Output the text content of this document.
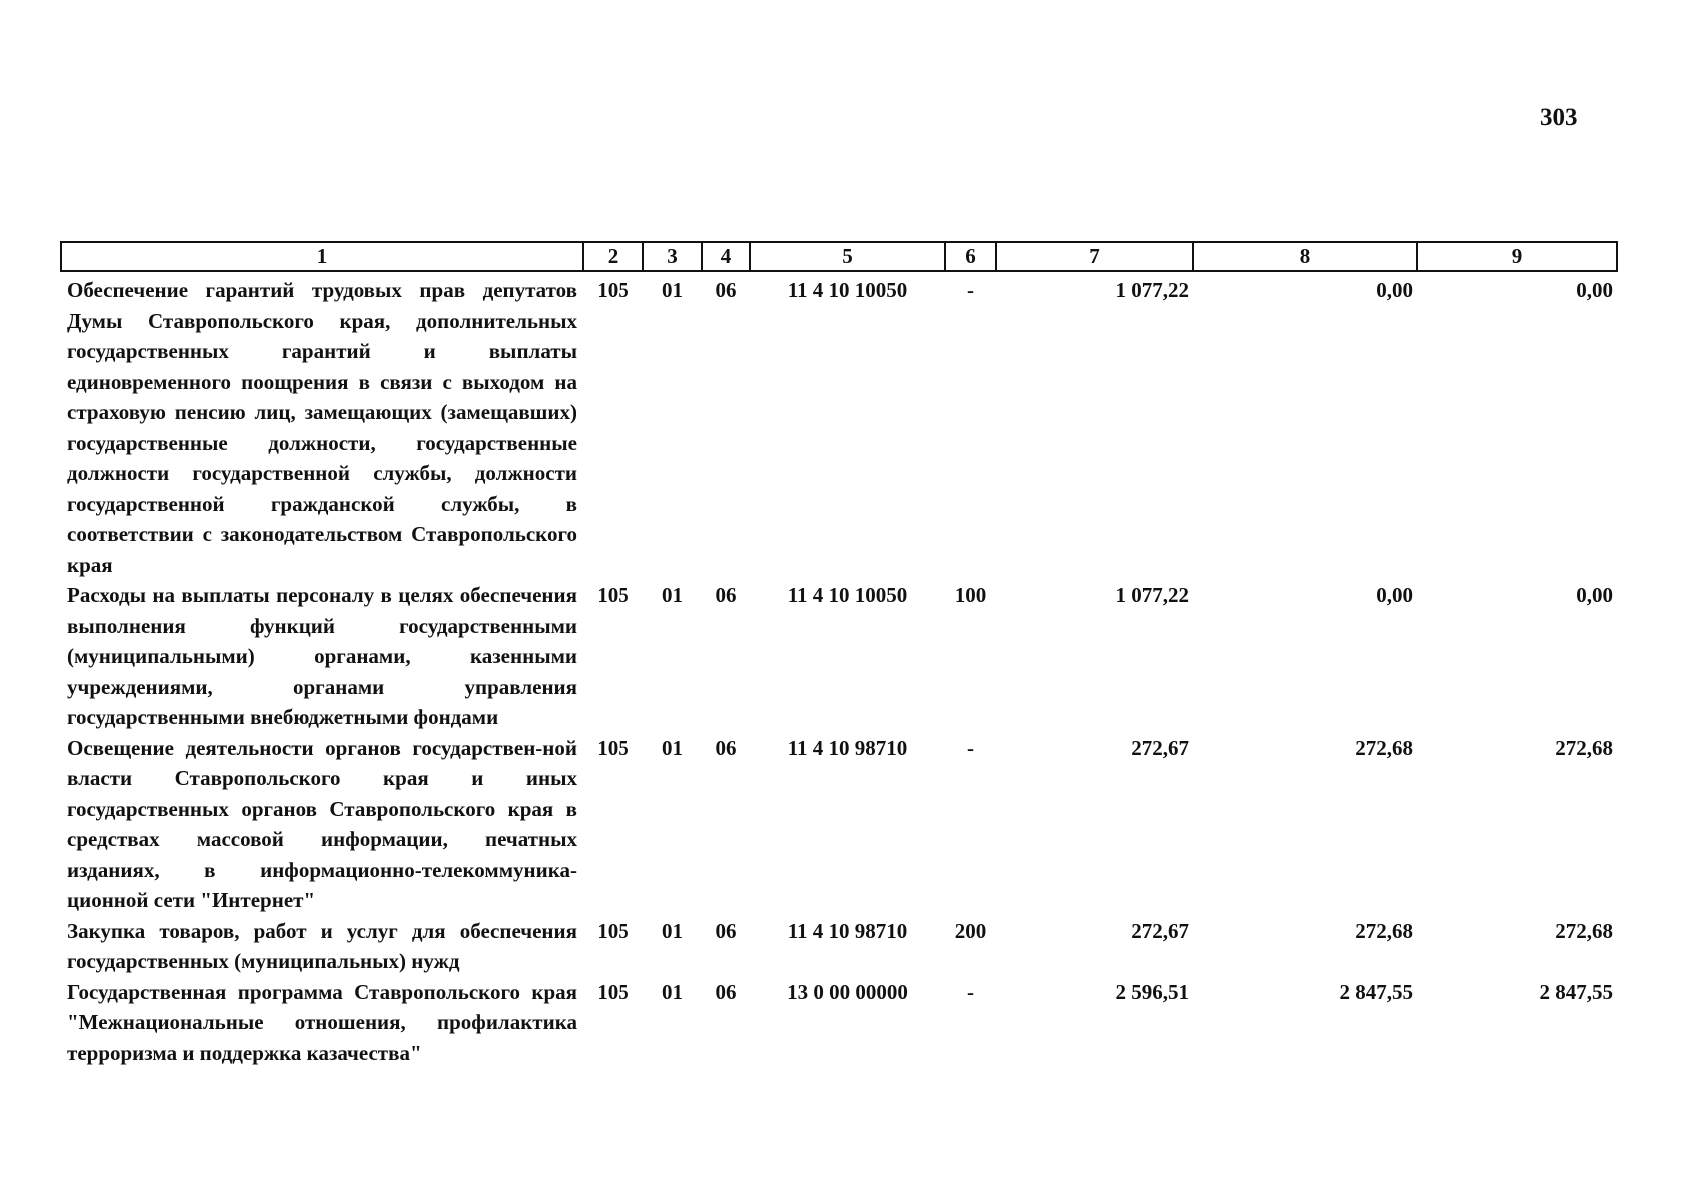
303
1	2	3	4	5	6	7	8	9
Обеспечение гарантий трудовых прав депутатов Думы Ставропольского края, дополнительных государственных гарантий и выплаты единовременного поощрения в связи с выходом на страховую пенсию лиц, замещающих (замещавших) государственные должности, государственные должности государственной службы, должности государственной гражданской службы, в соответствии с законодательством Ставропольского края	105	01	06	11 4 10 10050	-	1 077,22	0,00	0,00
Расходы на выплаты персоналу в целях обеспечения выполнения функций государственными (муниципальными) органами, казенными учреждениями, органами управления государственными внебюджетными фондами	105	01	06	11 4 10 10050	100	1 077,22	0,00	0,00
Освещение деятельности органов государствен-ной власти Ставропольского края и иных государственных органов Ставропольского края в средствах массовой информации, печатных изданиях, в информационно-телекоммуника-ционной сети "Интернет"	105	01	06	11 4 10 98710	-	272,67	272,68	272,68
Закупка товаров, работ и услуг для обеспечения государственных (муниципальных) нужд	105	01	06	11 4 10 98710	200	272,67	272,68	272,68
Государственная программа Ставропольского края "Межнациональные отношения, профилактика терроризма и поддержка казачества"	105	01	06	13 0 00 00000	-	2 596,51	2 847,55	2 847,55
